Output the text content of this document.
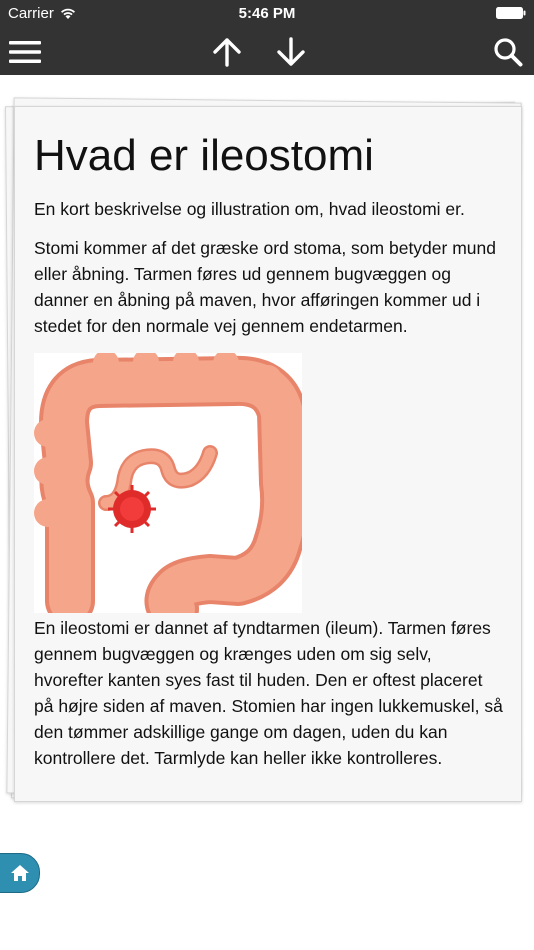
Carrier	5:46 PM
Hvad er ileostomi

En kort beskrivelse og illustration om, hvad ileostomi er.

Stomi kommer af det græske ord stoma, som betyder mund eller åbning. Tarmen føres ud gennem bugvæggen og danner en åbning på maven, hvor afføringen kommer ud i stedet for den normale vej gennem endetarmen.

En ileostomi er dannet af tyndtarmen (ileum). Tarmen føres gennem bugvæggen og krænges uden om sig selv, hvorefter kanten syes fast til huden. Den er oftest placeret på højre siden af maven. Stomien har ingen lukkemuskel, så den tømmer adskillige gange om dagen, uden du kan kontrollere det. Tarmlyde kan heller ikke kontrolleres.
